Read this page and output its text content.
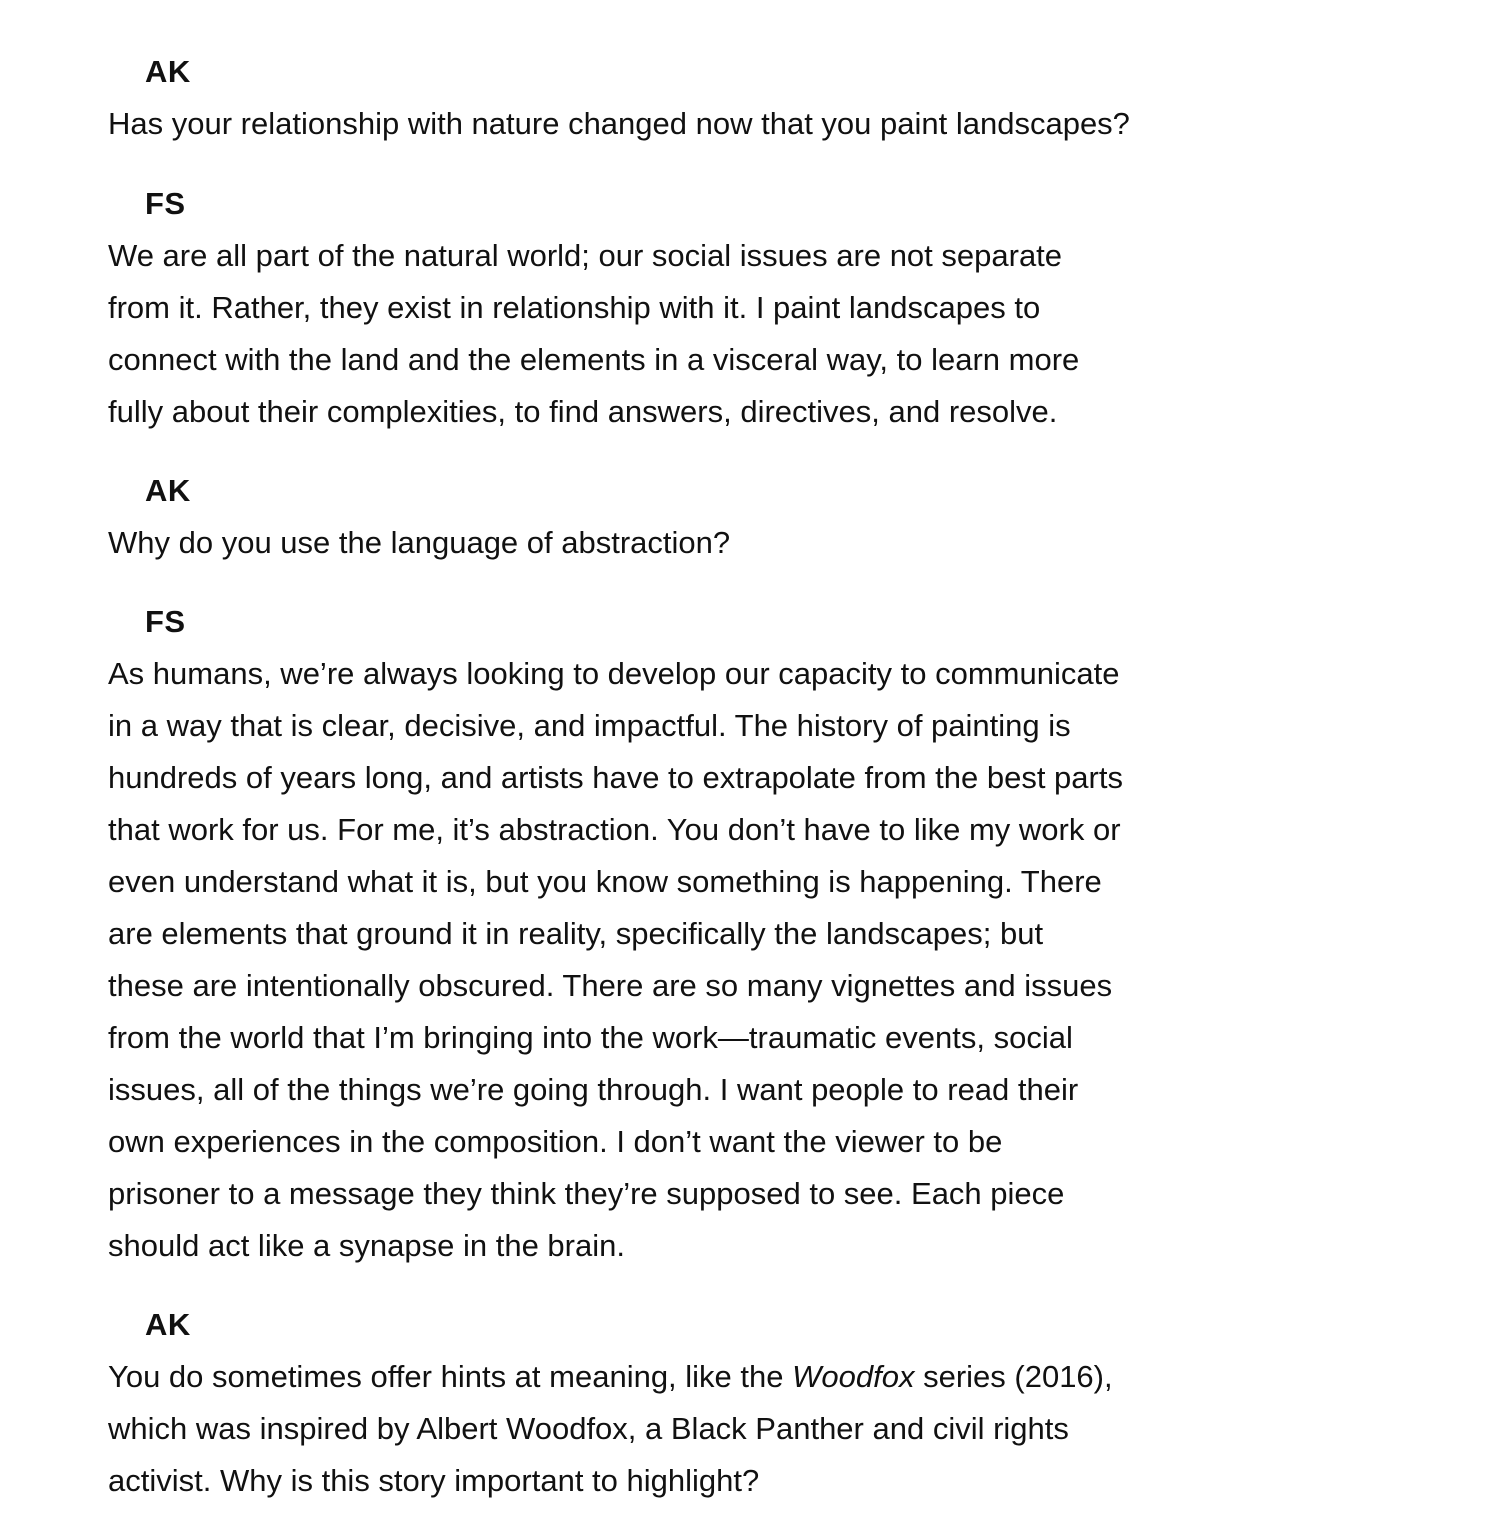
AK

Has your relationship with nature changed now that you paint landscapes?

FS

We are all part of the natural world; our social issues are not separate
from it. Rather, they exist in relationship with it. I paint landscapes to
connect with the land and the elements in a visceral way, to learn more
fully about their complexities, to find answers, directives, and resolve.

AK

Why do you use the language of abstraction?

FS

As humans, we’re always looking to develop our capacity to communicate
in a way that is clear, decisive, and impactful. The history of painting is
hundreds of years long, and artists have to extrapolate from the best parts
that work for us. For me, it’s abstraction. You don’t have to like my work or
even understand what it is, but you know something is happening. There
are elements that ground it in reality, specifically the landscapes; but
these are intentionally obscured. There are so many vignettes and issues
from the world that I’m bringing into the work—traumatic events, social
issues, all of the things we’re going through. I want people to read their
own experiences in the composition. I don’t want the viewer to be
prisoner to a message they think they’re supposed to see. Each piece
should act like a synapse in the brain.

AK

You do sometimes offer hints at meaning, like the Woodfox series (2016),
which was inspired by Albert Woodfox, a Black Panther and civil rights
activist. Why is this story important to highlight?
